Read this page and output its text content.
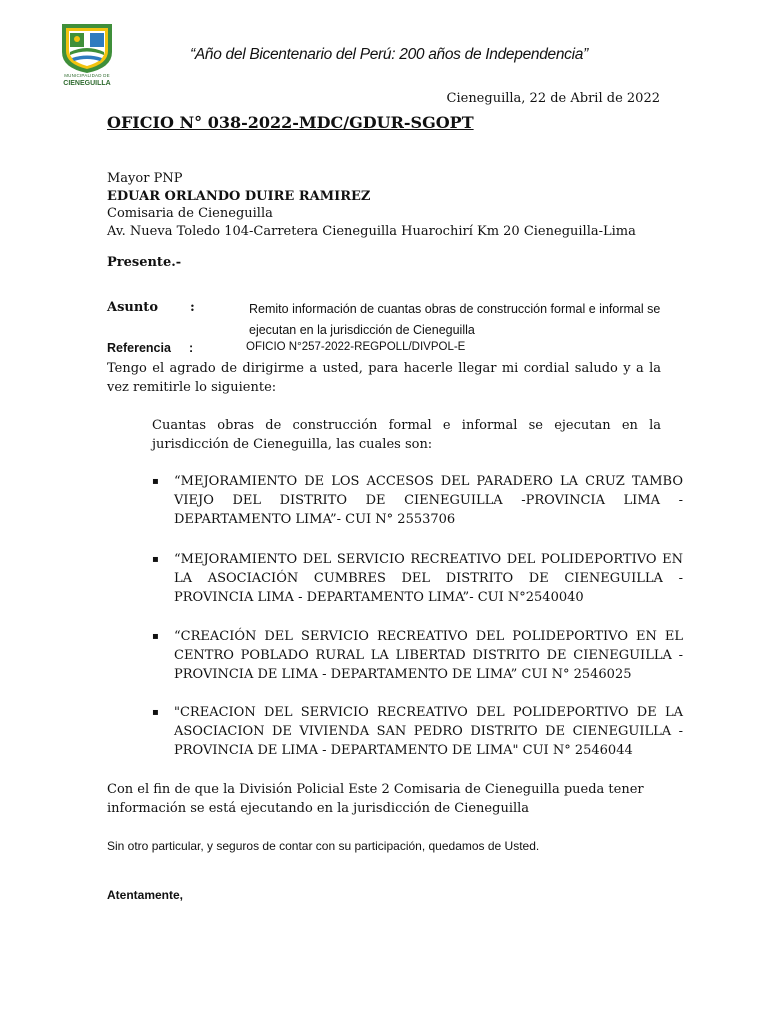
MUNICIPALIDAD DE
CIENEGUILLA
“Año del Bicentenario del Perú: 200 años de Independencia”
Cieneguilla, 22 de Abril de 2022
OFICIO N° 038-2022-MDC/GDUR-SGOPT
Mayor PNP
EDUAR ORLANDO DUIRE RAMIREZ
Comisaria de Cieneguilla
Av. Nueva Toledo 104-Carretera Cieneguilla Huarochirí Km 20 Cieneguilla-Lima
Presente.-
Asunto :	Remito información de cuantas obras de construcción formal e informal se ejecutan en la jurisdicción de Cieneguilla
Referencia :	OFICIO N°257-2022-REGPOLL/DIVPOL-E
Tengo el agrado de dirigirme a usted, para hacerle llegar mi cordial saludo y a la vez remitirle lo siguiente:
Cuantas obras de construcción formal e informal se ejecutan en la jurisdicción de Cieneguilla, las cuales son:
▪ “MEJORAMIENTO DE LOS ACCESOS DEL PARADERO LA CRUZ TAMBO VIEJO DEL DISTRITO DE CIENEGUILLA -PROVINCIA LIMA - DEPARTAMENTO LIMA”- CUI N° 2553706
▪ “MEJORAMIENTO DEL SERVICIO RECREATIVO DEL POLIDEPORTIVO EN LA ASOCIACIÓN CUMBRES DEL DISTRITO DE CIENEGUILLA - PROVINCIA LIMA - DEPARTAMENTO LIMA”- CUI N°2540040
▪ “CREACIÓN DEL SERVICIO RECREATIVO DEL POLIDEPORTIVO EN EL CENTRO POBLADO RURAL LA LIBERTAD DISTRITO DE CIENEGUILLA - PROVINCIA DE LIMA - DEPARTAMENTO DE LIMA” CUI N° 2546025
▪ "CREACION DEL SERVICIO RECREATIVO DEL POLIDEPORTIVO DE LA ASOCIACION DE VIVIENDA SAN PEDRO DISTRITO DE CIENEGUILLA - PROVINCIA DE LIMA - DEPARTAMENTO DE LIMA" CUI N° 2546044
Con el fin de que la División Policial Este 2 Comisaria de Cieneguilla pueda tener información se está ejecutando en la jurisdicción de Cieneguilla
Sin otro particular, y seguros de contar con su participación, quedamos de Usted.
Atentamente,
